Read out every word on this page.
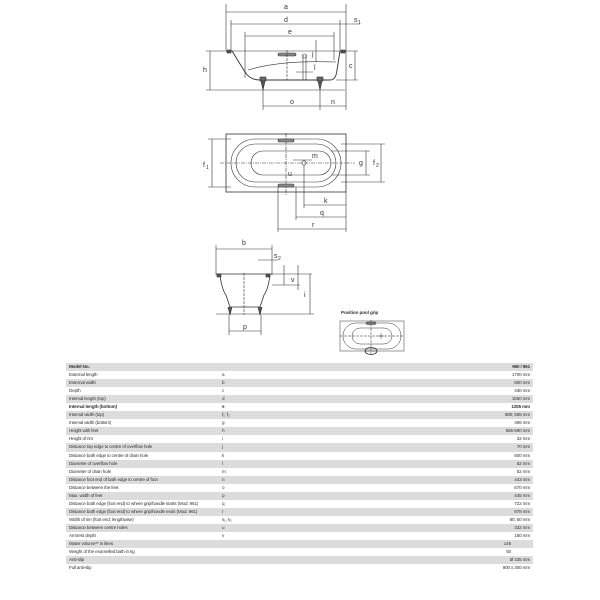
a
d	s 1
e
j
l	c
h
o	n
m
u
f 1
g f 2
k
q
r
b
s 2
v
i
p
Position pool grip
Model No.		960 / 961
External length	a	1700 mm
External width	b	800 mm
Depth	c	430 mm
Internal length (top)	d	1560 mm
Internal length (bottom)	e	1255 mm
Internal width (top)	f₁; f₂	680; 555 mm
Internal width (bottom)	g	496 mm
Height with feet	h	555-590 mm
Height of rim	i	32 mm
Distance top edge to centre of overflow hole	j	70 mm
Distance bath edge to centre of drain hole	k	600 mm
Diameter of overflow hole	l	52 mm
Diameter of drain hole	m	52 mm
Distance foot end of bath edge to centre of foot	n	443 mm
Distance between the feet	o	670 mm
Max. width of feet	p	445 mm
Distance bath edge (foot end) to where grip/handle starts (Mod. 961)	q	722 mm
Distance bath edge (foot end) to where grip/handle ends (Mod. 961)	r	978 mm
Width of rim (foot end; lengthwise)	s₁; s₂	80; 60 mm
Distance between centre holes	u	332 mm
Armrest depth	v	180 mm
Water volume** in litres		145
Weight of the enamelled bath in kg		50
Anti-slip		Ø 435 mm
Full anti-slip		900 x 300 mm
